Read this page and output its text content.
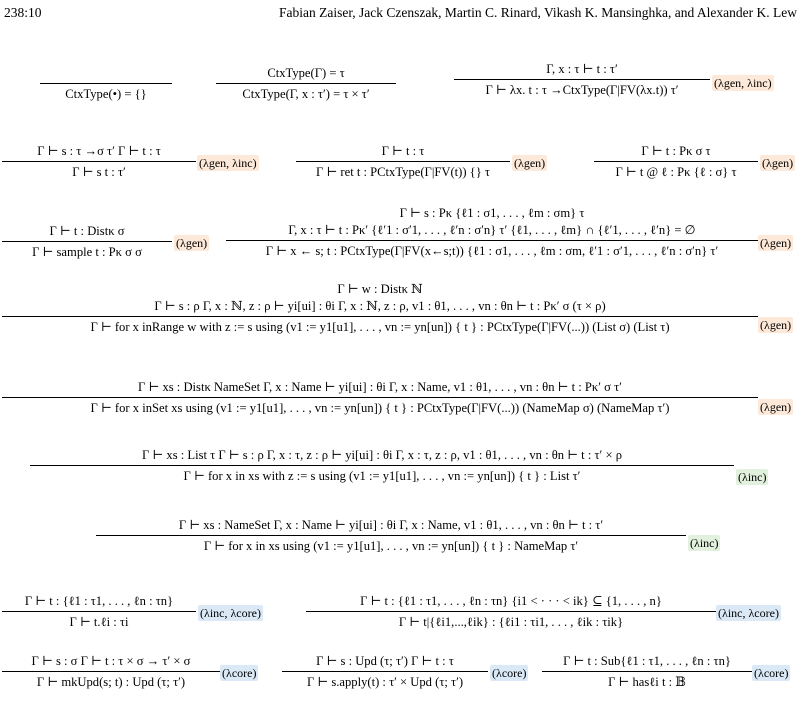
238:10	Fabian Zaiser, Jack Czenszak, Martin C. Rinard, Vikash K. Mansinghka, and Alexander K. Lew
CtxType(•) = {}
CtxType(Γ) = τ
CtxType(Γ, x : τ′) = τ × τ′
Γ, x : τ ⊢ t : τ′
Γ ⊢ λx. t : τ →CtxType(Γ|FV(λx.t)) τ′	(λgen, λinc)
Γ ⊢ s : τ →σ τ′ Γ ⊢ t : τ
Γ ⊢ s t : τ′
(λgen, λinc)
Γ ⊢ t : τ
Γ ⊢ ret t : PCtxType(Γ|FV(t)) {} τ
(λgen)
Γ ⊢ t : Pκ σ τ
Γ ⊢ t @ ℓ : Pκ {ℓ : σ} τ
(λgen)
Γ ⊢ t : Distκ σ
Γ ⊢ sample t : Pκ σ σ
(λgen)
Γ ⊢ s : Pκ {ℓ1 : σ1, . . . , ℓm : σm} τ
Γ, x : τ ⊢ t : Pκ′ {ℓ′1 : σ′1, . . . , ℓ′n : σ′n} τ′ {ℓ1, . . . , ℓm} ∩ {ℓ′1, . . . , ℓ′n} = ∅
Γ ⊢ x ← s; t : PCtxType(Γ|FV(x←s;t)) {ℓ1 : σ1, . . . , ℓm : σm, ℓ′1 : σ′1, . . . , ℓ′n : σ′n} τ′
(λgen)
Γ ⊢ w : Distκ ℕ
Γ ⊢ s : ρ Γ, x : ℕ, z : ρ ⊢ yi[ui] : θi Γ, x : ℕ, z : ρ, v1 : θ1, . . . , vn : θn ⊢ t : Pκ′ σ (τ × ρ)
Γ ⊢ for x inRange w with z := s using (v1 := y1[u1], . . . , vn := yn[un]) { t } : PCtxType(Γ|FV(...)) (List σ) (List τ)	(λgen)
Γ ⊢ xs : Distκ NameSet Γ, x : Name ⊢ yi[ui] : θi Γ, x : Name, v1 : θ1, . . . , vn : θn ⊢ t : Pκ′ σ τ′
Γ ⊢ for x inSet xs using (v1 := y1[u1], . . . , vn := yn[un]) { t } : PCtxType(Γ|FV(...)) (NameMap σ) (NameMap τ′)	(λgen)
Γ ⊢ xs : List τ Γ ⊢ s : ρ Γ, x : τ, z : ρ ⊢ yi[ui] : θi Γ, x : τ, z : ρ, v1 : θ1, . . . , vn : θn ⊢ t : τ′ × ρ
Γ ⊢ for x in xs with z := s using (v1 := y1[u1], . . . , vn := yn[un]) { t } : List τ′	(λinc)
Γ ⊢ xs : NameSet Γ, x : Name ⊢ yi[ui] : θi Γ, x : Name, v1 : θ1, . . . , vn : θn ⊢ t : τ′
Γ ⊢ for x in xs using (v1 := y1[u1], . . . , vn := yn[un]) { t } : NameMap τ′	(λinc)
Γ ⊢ t : {ℓ1 : τ1, . . . , ℓn : τn}
Γ ⊢ t.ℓi : τi
(λinc, λcore)
Γ ⊢ t : {ℓ1 : τ1, . . . , ℓn : τn} {i1 < · · · < ik} ⊆ {1, . . . , n}
Γ ⊢ t|{ℓi1,...,ℓik} : {ℓi1 : τi1, . . . , ℓik : τik}
(λinc, λcore)
Γ ⊢ s : σ Γ ⊢ t : τ × σ → τ′ × σ
Γ ⊢ mkUpd(s; t) : Upd (τ; τ′)
(λcore)
Γ ⊢ s : Upd (τ; τ′) Γ ⊢ t : τ
Γ ⊢ s.apply(t) : τ′ × Upd (τ; τ′)
(λcore)
Γ ⊢ t : Sub{ℓ1 : τ1, . . . , ℓn : τn}
Γ ⊢ hasℓi t : 𝔹
(λcore)
